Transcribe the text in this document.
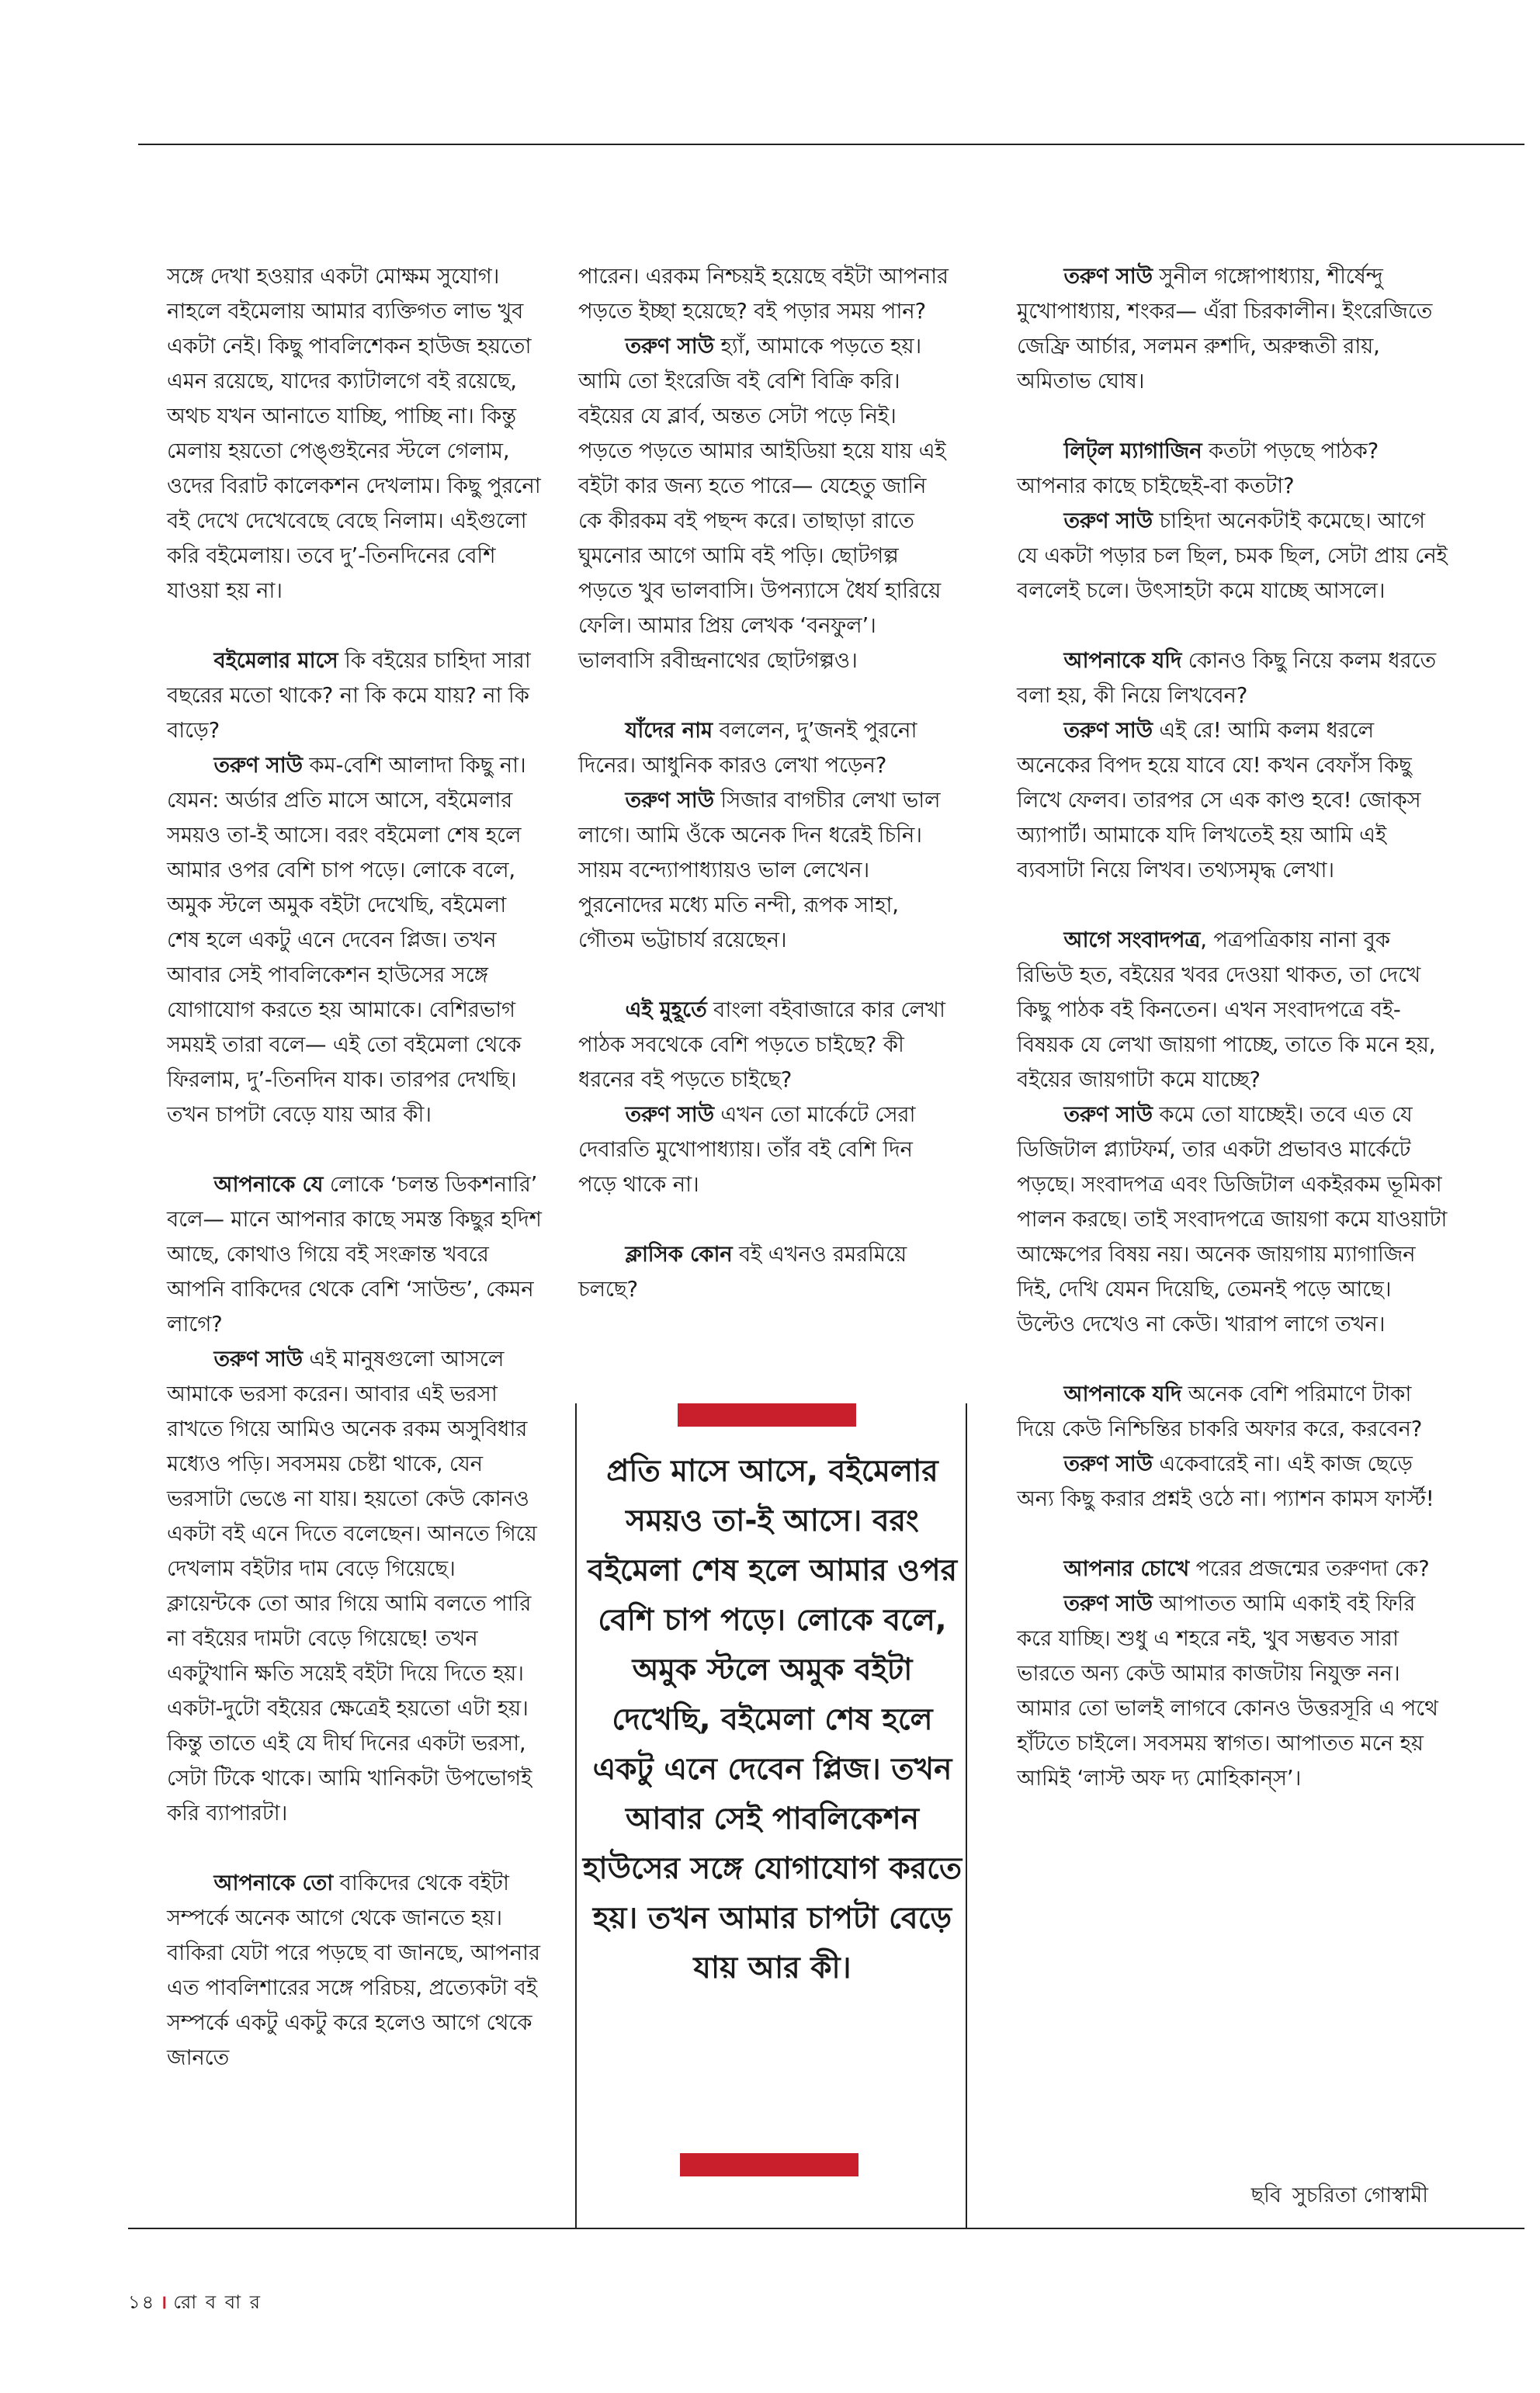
সঙ্গে দেখা হওয়ার একটা মোক্ষম সুযোগ। নাহলে বইমেলায় আমার ব্যক্তিগত লাভ খুব একটা নেই। কিছু পাবলিশেকন হাউজ হয়তো এমন রয়েছে, যাদের ক্যাটালগে বই রয়েছে, অথচ যখন আনাতে যাচ্ছি, পাচ্ছি না। কিন্তু মেলায় হয়তো পেঙ্গুইনের স্টলে গেলাম, ওদের বিরাট কালেকশন দেখলাম। কিছু পুরনো বই দেখে দেখেবেছে বেছে নিলাম। এইগুলো করি বইমেলায়। তবে দু’-তিনদিনের বেশি যাওয়া হয় না।

বইমেলার মাসে কি বইয়ের চাহিদা সারা বছরের মতো থাকে? না কি কমে যায়? না কি বাড়ে?

তরুণ সাউ কম-বেশি আলাদা কিছু না। যেমন: অর্ডার প্রতি মাসে আসে, বইমেলার সময়ও তা-ই আসে। বরং বইমেলা শেষ হলে আমার ওপর বেশি চাপ পড়ে। লোকে বলে, অমুক স্টলে অমুক বইটা দেখেছি, বইমেলা শেষ হলে একটু এনে দেবেন প্লিজ। তখন আবার সেই পাবলিকেশন হাউসের সঙ্গে যোগাযোগ করতে হয় আমাকে। বেশিরভাগ সময়ই তারা বলে— এই তো বইমেলা থেকে ফিরলাম, দু’-তিনদিন যাক। তারপর দেখছি। তখন চাপটা বেড়ে যায় আর কী।

আপনাকে যে লোকে ‘চলন্ত ডিকশনারি’ বলে— মানে আপনার কাছে সমস্ত কিছুর হদিশ আছে, কোথাও গিয়ে বই সংক্রান্ত খবরে আপনি বাকিদের থেকে বেশি ‘সাউন্ড’, কেমন লাগে?

তরুণ সাউ এই মানুষগুলো আসলে আমাকে ভরসা করেন। আবার এই ভরসা রাখতে গিয়ে আমিও অনেক রকম অসুবিধার মধ্যেও পড়ি। সবসময় চেষ্টা থাকে, যেন ভরসাটা ভেঙে না যায়। হয়তো কেউ কোনও একটা বই এনে দিতে বলেছেন। আনতে গিয়ে দেখলাম বইটার দাম বেড়ে গিয়েছে। ক্লায়েন্টকে তো আর গিয়ে আমি বলতে পারি না বইয়ের দামটা বেড়ে গিয়েছে! তখন একটুখানি ক্ষতি সয়েই বইটা দিয়ে দিতে হয়। একটা-দুটো বইয়ের ক্ষেত্রেই হয়তো এটা হয়। কিন্তু তাতে এই যে দীর্ঘ দিনের একটা ভরসা, সেটা টিকে থাকে। আমি খানিকটা উপভোগই করি ব্যাপারটা।

আপনাকে তো বাকিদের থেকে বইটা সম্পর্কে অনেক আগে থেকে জানতে হয়। বাকিরা যেটা পরে পড়ছে বা জানছে, আপনার এত পাবলিশারের সঙ্গে পরিচয়, প্রত্যেকটা বই সম্পর্কে একটু একটু করে হলেও আগে থেকে জানতে

পারেন। এরকম নিশ্চয়ই হয়েছে বইটা আপনার পড়তে ইচ্ছা হয়েছে? বই পড়ার সময় পান?

তরুণ সাউ হ্যাঁ, আমাকে পড়তে হয়। আমি তো ইংরেজি বই বেশি বিক্রি করি। বইয়ের যে ব্লার্ব, অন্তত সেটা পড়ে নিই। পড়তে পড়তে আমার আইডিয়া হয়ে যায় এই বইটা কার জন্য হতে পারে— যেহেতু জানি কে কীরকম বই পছন্দ করে। তাছাড়া রাতে ঘুমনোর আগে আমি বই পড়ি। ছোটগল্প পড়তে খুব ভালবাসি। উপন্যাসে ধৈর্য হারিয়ে ফেলি। আমার প্রিয় লেখক ‘বনফুল’। ভালবাসি রবীন্দ্রনাথের ছোটগল্পও।

যাঁদের নাম বললেন, দু’জনই পুরনো দিনের। আধুনিক কারও লেখা পড়েন?

তরুণ সাউ সিজার বাগচীর লেখা ভাল লাগে। আমি ওঁকে অনেক দিন ধরেই চিনি। সায়ম বন্দ্যোপাধ্যায়ও ভাল লেখেন। পুরনোদের মধ্যে মতি নন্দী, রূপক সাহা, গৌতম ভট্টাচার্য রয়েছেন।

এই মুহূর্তে বাংলা বইবাজারে কার লেখা পাঠক সবথেকে বেশি পড়তে চাইছে? কী ধরনের বই পড়তে চাইছে?

তরুণ সাউ এখন তো মার্কেটে সেরা দেবারতি মুখোপাধ্যায়। তাঁর বই বেশি দিন পড়ে থাকে না।

ক্লাসিক কোন বই এখনও রমরমিয়ে চলছে?

তরুণ সাউ সুনীল গঙ্গোপাধ্যায়, শীর্ষেন্দু মুখোপাধ্যায়, শংকর— এঁরা চিরকালীন। ইংরেজিতে জেফ্রি আর্চার, সলমন রুশদি, অরুন্ধতী রায়, অমিতাভ ঘোষ।

লিট্‌ল ম্যাগাজিন কতটা পড়ছে পাঠক? আপনার কাছে চাইছেই-বা কতটা?

তরুণ সাউ চাহিদা অনেকটাই কমেছে। আগে যে একটা পড়ার চল ছিল, চমক ছিল, সেটা প্রায় নেই বললেই চলে। উৎসাহটা কমে যাচ্ছে আসলে।

আপনাকে যদি কোনও কিছু নিয়ে কলম ধরতে বলা হয়, কী নিয়ে লিখবেন?

তরুণ সাউ এই রে! আমি কলম ধরলে অনেকের বিপদ হয়ে যাবে যে! কখন বেফাঁস কিছু লিখে ফেলব। তারপর সে এক কাণ্ড হবে! জোক্‌স অ্যাপার্ট। আমাকে যদি লিখতেই হয় আমি এই ব্যবসাটা নিয়ে লিখব। তথ্যসমৃদ্ধ লেখা।

আগে সংবাদপত্র, পত্রপত্রিকায় নানা বুক রিভিউ হত, বইয়ের খবর দেওয়া থাকত, তা দেখে কিছু পাঠক বই কিনতেন। এখন সংবাদপত্রে বই-বিষয়ক যে লেখা জায়গা পাচ্ছে, তাতে কি মনে হয়, বইয়ের জায়গাটা কমে যাচ্ছে?

তরুণ সাউ কমে তো যাচ্ছেই। তবে এত যে ডিজিটাল প্ল্যাটফর্ম, তার একটা প্রভাবও মার্কেটে পড়ছে। সংবাদপত্র এবং ডিজিটাল একইরকম ভূমিকা পালন করছে। তাই সংবাদপত্রে জায়গা কমে যাওয়াটা আক্ষেপের বিষয় নয়। অনেক জায়গায় ম্যাগাজিন দিই, দেখি যেমন দিয়েছি, তেমনই পড়ে আছে। উল্টেও দেখেও না কেউ। খারাপ লাগে তখন।

আপনাকে যদি অনেক বেশি পরিমাণে টাকা দিয়ে কেউ নিশ্চিন্তির চাকরি অফার করে, করবেন?

তরুণ সাউ একেবারেই না। এই কাজ ছেড়ে অন্য কিছু করার প্রশ্নই ওঠে না। প্যাশন কামস ফার্স্ট!

আপনার চোখে পরের প্রজন্মের তরুণদা কে?

তরুণ সাউ আপাতত আমি একাই বই ফিরি করে যাচ্ছি। শুধু এ শহরে নই, খুব সম্ভবত সারা ভারতে অন্য কেউ আমার কাজটায় নিযুক্ত নন। আমার তো ভালই লাগবে কোনও উত্তরসূরি এ পথে হাঁটতে চাইলে। সবসময় স্বাগত। আপাতত মনে হয় আমিই ‘লাস্ট অফ দ্য মোহিকান্‌স’।

প্রতি মাসে আসে, বইমেলার সময়ও তা-ই আসে। বরং বইমেলা শেষ হলে আমার ওপর বেশি চাপ পড়ে। লোকে বলে, অমুক স্টলে অমুক বইটা দেখেছি, বইমেলা শেষ হলে একটু এনে দেবেন প্লিজ। তখন আবার সেই পাবলিকেশন হাউসের সঙ্গে যোগাযোগ করতে হয়। তখন আমার চাপটা বেড়ে যায় আর কী।
ছবি সুচরিতা গোস্বামী
১৪ । রো ব বা র
